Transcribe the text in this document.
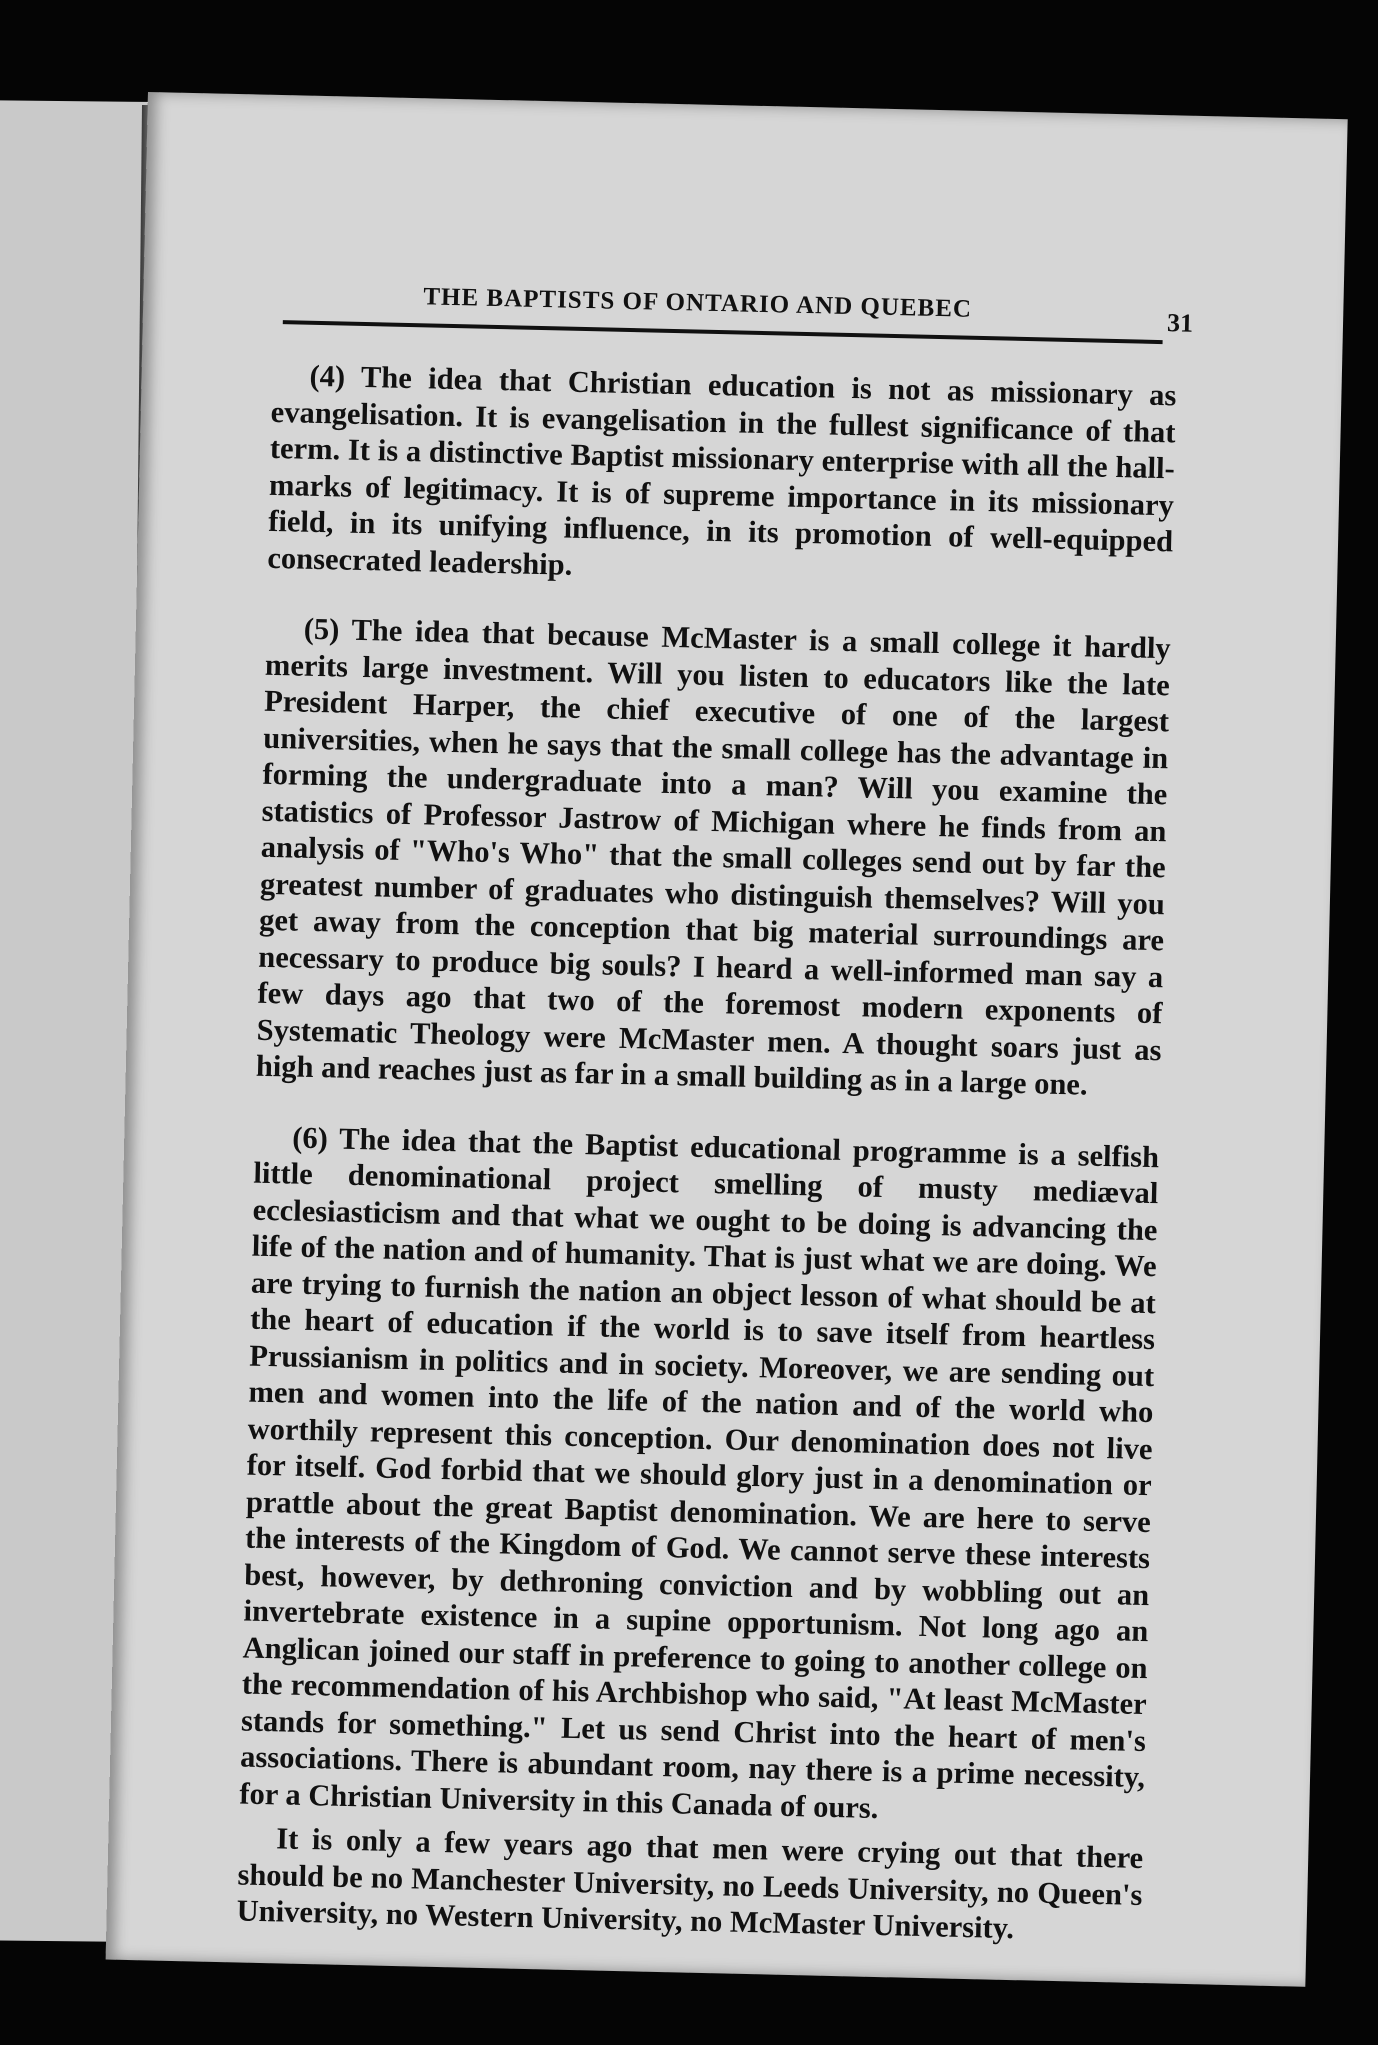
THE BAPTISTS OF ONTARIO AND QUEBEC
31

(4) The idea that Christian education is not as missionary as evangelisation. It is evangelisation in the fullest significance of that term. It is a distinctive Baptist missionary enterprise with all the hall-marks of legitimacy. It is of supreme importance in its missionary field, in its unifying influence, in its promotion of well-equipped consecrated leadership.

(5) The idea that because McMaster is a small college it hardly merits large investment. Will you listen to educators like the late President Harper, the chief executive of one of the largest universities, when he says that the small college has the advantage in forming the undergraduate into a man? Will you examine the statistics of Professor Jastrow of Michigan where he finds from an analysis of "Who's Who" that the small colleges send out by far the greatest number of graduates who distinguish themselves? Will you get away from the conception that big material surroundings are necessary to produce big souls? I heard a well-informed man say a few days ago that two of the foremost modern exponents of Systematic Theology were McMaster men. A thought soars just as high and reaches just as far in a small building as in a large one.

(6) The idea that the Baptist educational programme is a selfish little denominational project smelling of musty mediæval ecclesiasticism and that what we ought to be doing is advancing the life of the nation and of humanity. That is just what we are doing. We are trying to furnish the nation an object lesson of what should be at the heart of education if the world is to save itself from heartless Prussianism in politics and in society. Moreover, we are sending out men and women into the life of the nation and of the world who worthily represent this conception. Our denomination does not live for itself. God forbid that we should glory just in a denomination or prattle about the great Baptist denomination. We are here to serve the interests of the Kingdom of God. We cannot serve these interests best, however, by dethroning conviction and by wobbling out an invertebrate existence in a supine opportunism. Not long ago an Anglican joined our staff in preference to going to another college on the recommendation of his Archbishop who said, "At least McMaster stands for something." Let us send Christ into the heart of men's associations. There is abundant room, nay there is a prime necessity, for a Christian University in this Canada of ours.

It is only a few years ago that men were crying out that there should be no Manchester University, no Leeds University, no Queen's University, no Western University, no McMaster University.
